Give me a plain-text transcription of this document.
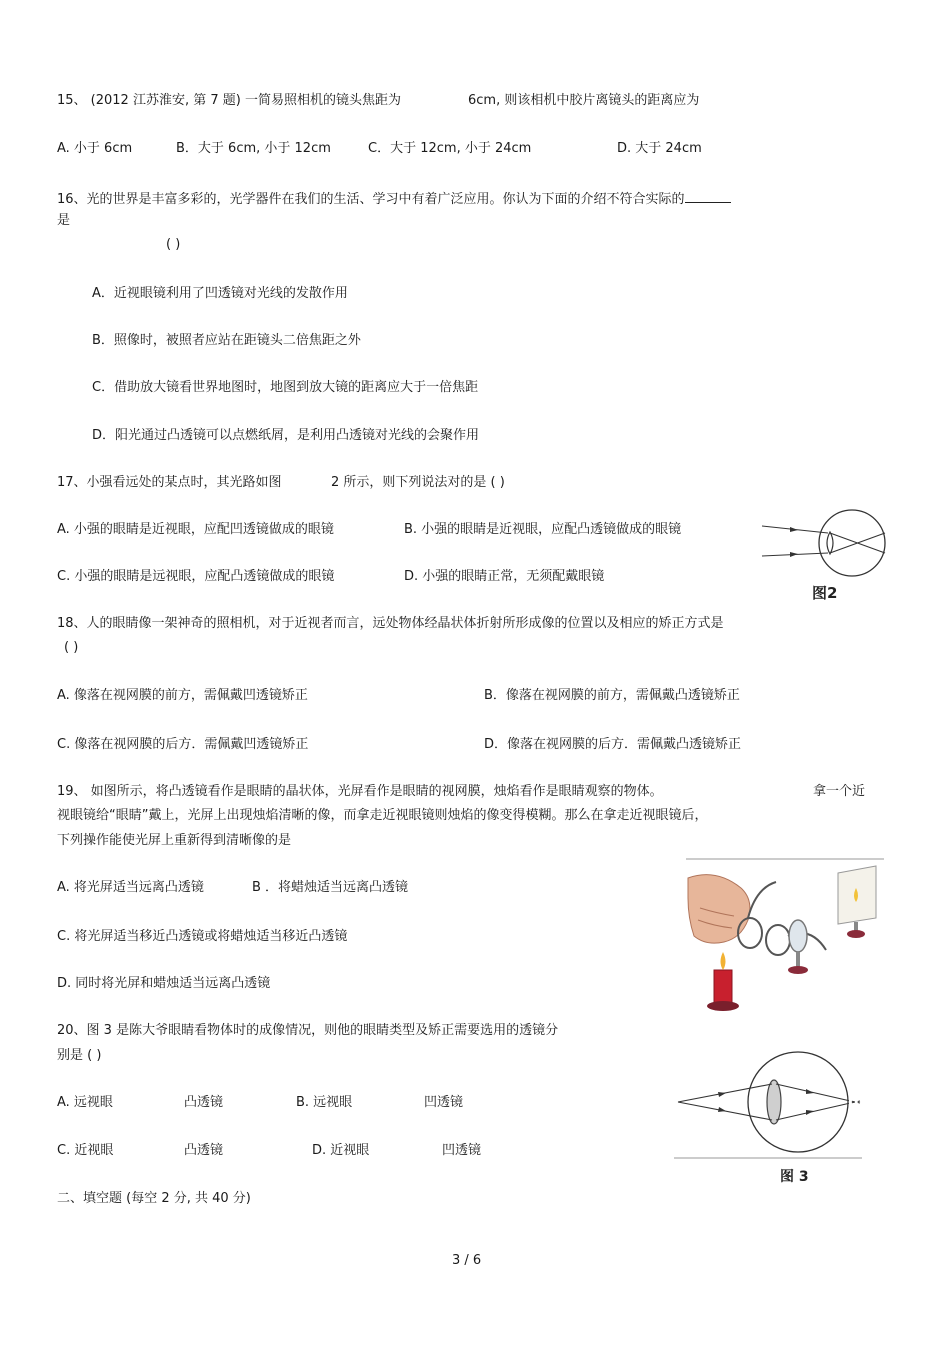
15、 (2012 江苏淮安, 第 7 题) 一简易照相机的镜头焦距为	6cm, 则该相机中胶片离镜头的距离应为
A. 小于 6cm	B．大于 6cm, 小于 12cm	C．大于 12cm, 小于 24cm	D. 大于 24cm
16、光的世界是丰富多彩的，光学器件在我们的生活、学习中有着广泛应用。你认为下面的介绍不符合实际的
是
( )
A．近视眼镜利用了凹透镜对光线的发散作用
B．照像时，被照者应站在距镜头二倍焦距之外
C．借助放大镜看世界地图时，地图到放大镜的距离应大于一倍焦距
D．阳光通过凸透镜可以点燃纸屑，是利用凸透镜对光线的会聚作用
17、小强看远处的某点时，其光路如图	2 所示，则下列说法对的是 ( )
A. 小强的眼睛是近视眼，应配凹透镜做成的眼镜	B. 小强的眼睛是近视眼，应配凸透镜做成的眼镜
C. 小强的眼睛是远视眼，应配凸透镜做成的眼镜	D. 小强的眼睛正常，无须配戴眼镜
图2
18、人的眼睛像一架神奇的照相机，对于近视者而言，远处物体经晶状体折射所形成像的位置以及相应的矫正方式是
( )
A. 像落在视网膜的前方，需佩戴凹透镜矫正	B．像落在视网膜的前方，需佩戴凸透镜矫正
C. 像落在视网膜的后方．需佩戴凹透镜矫正	D．像落在视网膜的后方．需佩戴凸透镜矫正
19、 如图所示，将凸透镜看作是眼睛的晶状体，光屏看作是眼睛的视网膜，烛焰看作是眼睛观察的物体。	拿一个近
视眼镜给“眼睛”戴上，光屏上出现烛焰清晰的像，而拿走近视眼镜则烛焰的像变得模糊。那么在拿走近视眼镜后，
下列操作能使光屏上重新得到清晰像的是
A. 将光屏适当远离凸透镜	B ．将蜡烛适当远离凸透镜
C. 将光屏适当移近凸透镜或将蜡烛适当移近凸透镜
D. 同时将光屏和蜡烛适当远离凸透镜
20、图 3 是陈大爷眼睛看物体时的成像情况，则他的眼睛类型及矫正需要选用的透镜分
别是 ( )
A. 远视眼	凸透镜	B. 远视眼	凹透镜
C. 近视眼	凸透镜	D. 近视眼	凹透镜
图 3
二、填空题 (每空 2 分, 共 40 分)
3 / 6
